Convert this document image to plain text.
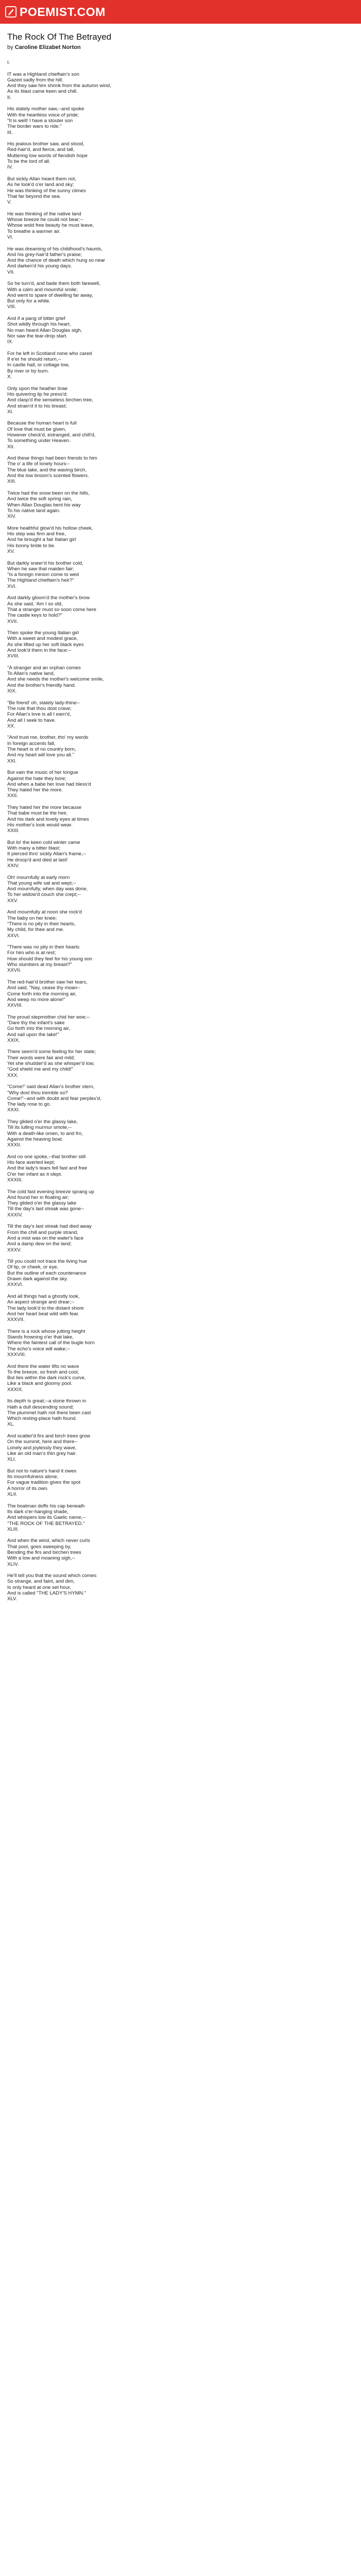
POEMIST.COM
The Rock Of The Betrayed
by Caroline Elizabet Norton
I.
IT was a Highland chieftain's son
Gazed sadly from the hill;
And they saw him shrink from the autumn wind,
As its blast came keen and chill.
II.
His stately mother saw,--and spoke
With the heartless voice of pride;
"It is well! I have a stouter son
The border wars to ride."
III.
His jealous brother saw, and stood,
Red-hair'd, and fierce, and tall,
Muttering low words of fiendish hope
To be the lord of all.
IV.
But sickly Allan heard them not,
As he look'd o'er land and sky;
He was thinking of the sunny climes
That far beyond the sea.
V.
He was thinking of the native land
Whose breeze he could not bear;--
Whose wold free beauty he must leave,
To breathe a warmer air.
VI.
He was dreaming of his childhood's haunts,
And his grey-hair'd father's praise;
And the chance of death which hung so near
And darken'd his young days.
VII.
So he turn'd, and bade them both farewell,
With a calm and mournful smile;
And went to spare of dwelling far away,
But only for a while.
VIII.
And if a pang of bitter grief
Shot wildly through his heart,
No man heard Allan Douglas sigh,
Nor saw the tear-drop start.
IX.
For he left in Scotland none who cared
If e'er he should return,--
In castle hall, or cottage low,
By river or by burn.
X.
Only upon the heather brae
His quivering lip he press'd;
And clasp'd the senseless birchen tree,
And strain'd it to his breast;
XI.
Because the human heart is full
Of love that must be given,
However check'd, estranged, and chill'd,
To something under Heaven.
XII.
And these things had been friends to him
The o' a life of lonely hours--
The blue lake, and the waving birch,
And the low broom's scented flowers.
XIII.
Twice had the snow been on the hills,
And twice the soft spring rain,
When Allan Douglas bent his way
To his native land again.
XIV.
More healthful glow'd his hollow cheek,
His step was firm and free,
And he brought a fair Italian girl
His bonny bride to be.
XV.
But darkly sneer'd his brother cold,
When he saw that maiden fair;
"Is a foreign minion come to wed
The Highland chieftain's heir?"
XVI.
And darkly gloom'd the mother's brow
As she said, 'Am I so old,
That a stranger must so soon come here
The castle keys to hold?"
XVII.
Then spoke the young Italian girl
With a sweet and modest grace,
As she lifted up her soft black eyes
And look'd them in the face:--
XVIII.
"A stranger and an orphan comes
To Allan's native land,
And she needs the mother's welcome smile,
And the brother's friendly hand.
XIX.
"Be friend' oh, stately lady-thine--
The rule that thou dost crave;
For Allan's love is all I earn'd,
And all I seek to have.
XX.
"And trust me, brother, tho' my words
In foreign accents fall,
The heart is of no country born,
And my heart will love you all."
XXI.
But vain the music of her tongue
Against the hate they bore;
And when a babe her love had bless'd
They hated her the more.
XXII.
They hated her the more because
That babe must be the heir,
And his dark and lovely eyes at times
His mother's look would wear.
XXIII.
But lo! the keen cold winter came
With many a bitter blast;
It pierced thro' sickly Allan's frame,--
He droop'd and died at last!
XXIV.
Oh! mournfully at early morn
That young wife sat and wept;--
And mournfully, when day was done,
To her widow'd couch she crept;--
XXV.
And mournfully at noon she rock'd
The baby on her knee;
"There is no pity in their hearts,
My child, for thee and me.
XXVI.
"There was no pity in their hearts
For him who is at rest;
How should they feel for his young son
Who slumbers at my breast?"
XXVII.
The red-hair'd brother saw her tears,
And said, "Nay, cease thy moan--
Come forth into the morning air,
And weep no more alone!"
XXVIII.
The proud stepmother chid her woe;--
"Dare thy the infant's sake
Go forth into the morning air,
And sail upon the lake!"
XXIX.
There seem'd some feeling for her state;
Their words were fair and mild;
Yet she shudder'd as she whisper'd low,
"God shield me and my child!"
XXX.
"Come!" said dead Allan's brother stern,
"Why dost thou tremble so?
Come!"--and with doubt and fear perplex'd,
The lady rose to go.
XXXI.
They glided o'er the glassy lake,
Till its lulling murmur smote,--
With a death-like omen, to and fro,
Against the heaving boat.
XXXII.
And no one spoke,--that brother still
His face averted kept;
And the lady's tears fell fast and free
O'er her infant as it slept.
XXXIII.
The cold fast evening breeze sprang up
And found her in floating air;
They glided o'er the glassy lake
Till the day's last streak was gone--
XXXIV.
Till the day's last streak had died away
From the chill and purple strand,
And a mist was on the water's face
And a damp dew on the land;
XXXV.
Till you could not trace the living hue
Of lip, or cheek, or eye,
But the outline of each countenance
Drawn dark against the sky.
XXXVI.
And all things had a ghostly look,
An aspect strange and drear;--
The lady look'd to the distant shore
And her heart beat wild with fear.
XXXVII.
There is a rock whose jutting height
Stands frowning o'er that lake,
Where the faintest call of the bugle horn
The echo's voice will wake;--
XXXVIII.
And there the water lifts no wave
To the breeze, so fresh and cool,
But lies within the dark rock's curve,
Like a black and gloomy pool.
XXXIX.
Its depth is great;--a stone thrown in
Hath a dull descending sound;
The plummet hath not there been cast
Which resting-place hath found.
XL.
And scatter'd firs and birch trees grow
On the summit, here and there--
Lonely and joylessly they wave,
Like an old man's thin grey hair.
XLI.
But not to nature's hand it owes
Its mournfulness alone,
For vague tradition gives the spot
A horror of its own.
XLII.
The boatman doffs his cap beneath
Its dark o'er-hanging shade,
And whispers low its Gaelic name,--
"THE ROCK OF THE BETRAYED."
XLIII.
And when the wind, which never curls
That pool, goes sweeping by,
Bending the firs and birchen trees
With a low and moaning sigh,--
XLIV.
He'll tell you that the sound which comes
So strange, and faint, and dim,
Is only heard at one set hour,
And is called "THE LADY'S HYMN."
XLV.
